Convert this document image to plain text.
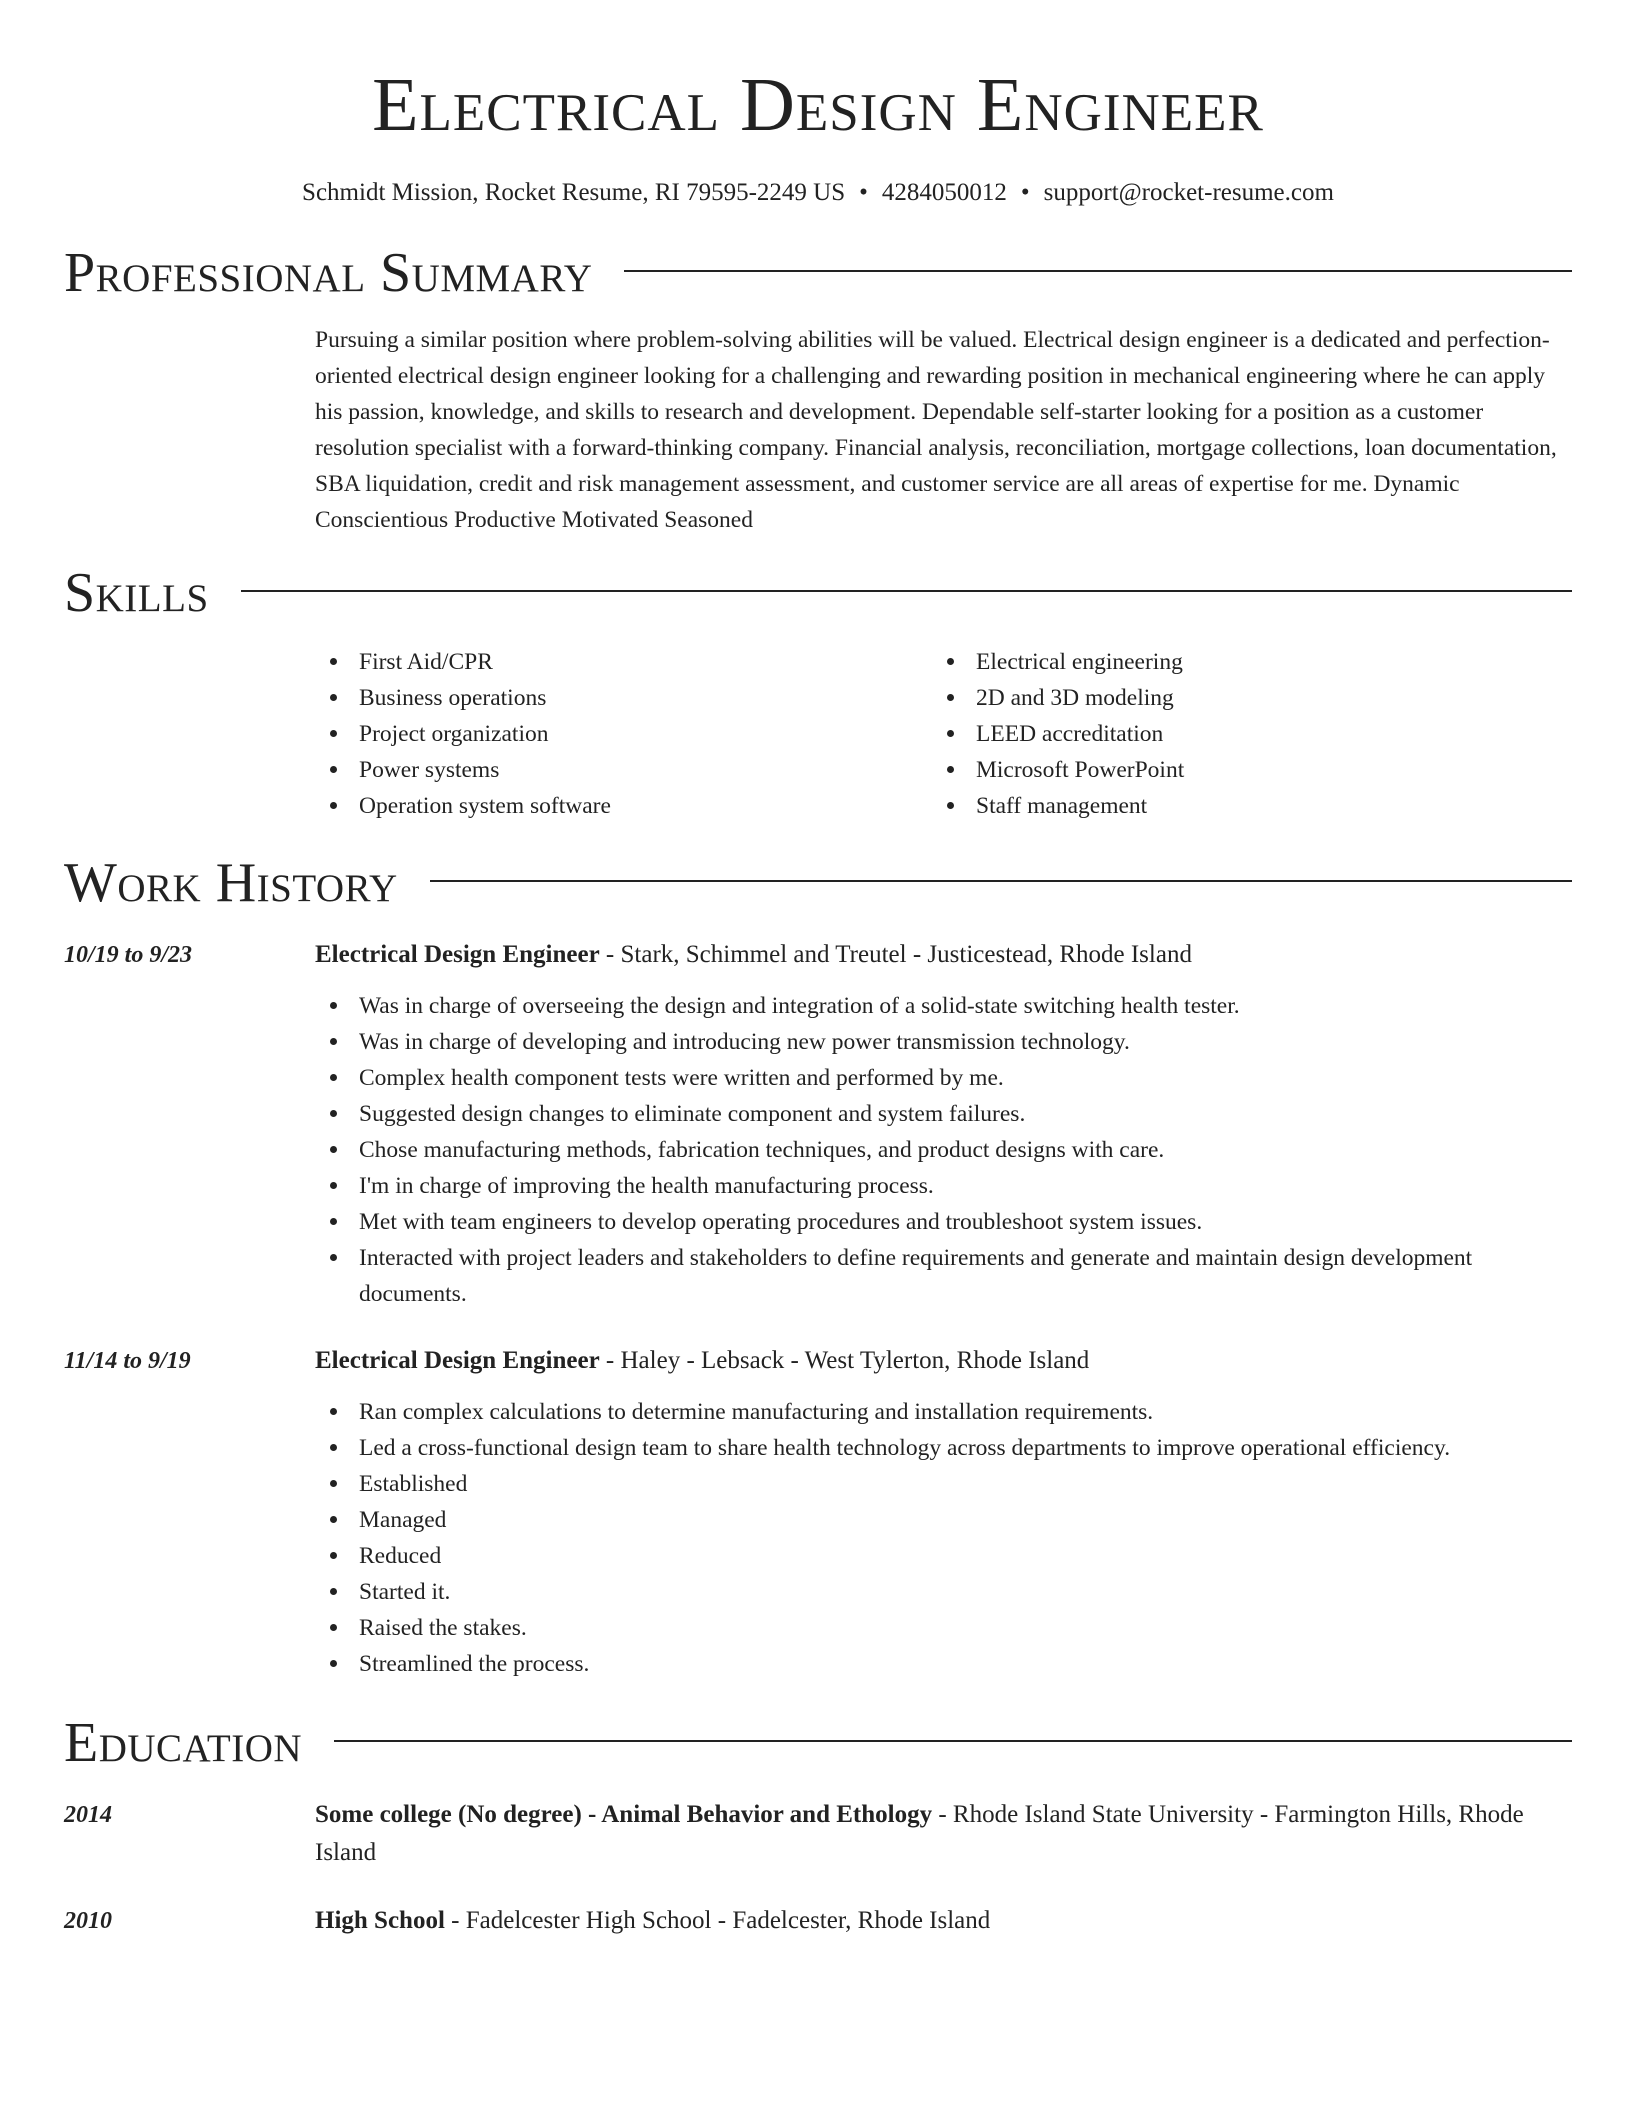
Electrical Design Engineer
Schmidt Mission, Rocket Resume, RI 79595-2249 US • 4284050012 • support@rocket-resume.com
Professional Summary
Pursuing a similar position where problem-solving abilities will be valued. Electrical design engineer is a dedicated and perfection-oriented electrical design engineer looking for a challenging and rewarding position in mechanical engineering where he can apply his passion, knowledge, and skills to research and development. Dependable self-starter looking for a position as a customer resolution specialist with a forward-thinking company. Financial analysis, reconciliation, mortgage collections, loan documentation, SBA liquidation, credit and risk management assessment, and customer service are all areas of expertise for me. Dynamic Conscientious Productive Motivated Seasoned
Skills
First Aid/CPR
Business operations
Project organization
Power systems
Operation system software
Electrical engineering
2D and 3D modeling
LEED accreditation
Microsoft PowerPoint
Staff management
Work History
10/19 to 9/23	Electrical Design Engineer - Stark, Schimmel and Treutel - Justicestead, Rhode Island
Was in charge of overseeing the design and integration of a solid-state switching health tester.
Was in charge of developing and introducing new power transmission technology.
Complex health component tests were written and performed by me.
Suggested design changes to eliminate component and system failures.
Chose manufacturing methods, fabrication techniques, and product designs with care.
I'm in charge of improving the health manufacturing process.
Met with team engineers to develop operating procedures and troubleshoot system issues.
Interacted with project leaders and stakeholders to define requirements and generate and maintain design development documents.
11/14 to 9/19	Electrical Design Engineer - Haley - Lebsack - West Tylerton, Rhode Island
Ran complex calculations to determine manufacturing and installation requirements.
Led a cross-functional design team to share health technology across departments to improve operational efficiency.
Established
Managed
Reduced
Started it.
Raised the stakes.
Streamlined the process.
Education
2014	Some college (No degree) - Animal Behavior and Ethology - Rhode Island State University - Farmington Hills, Rhode Island
2010	High School - Fadelcester High School - Fadelcester, Rhode Island
